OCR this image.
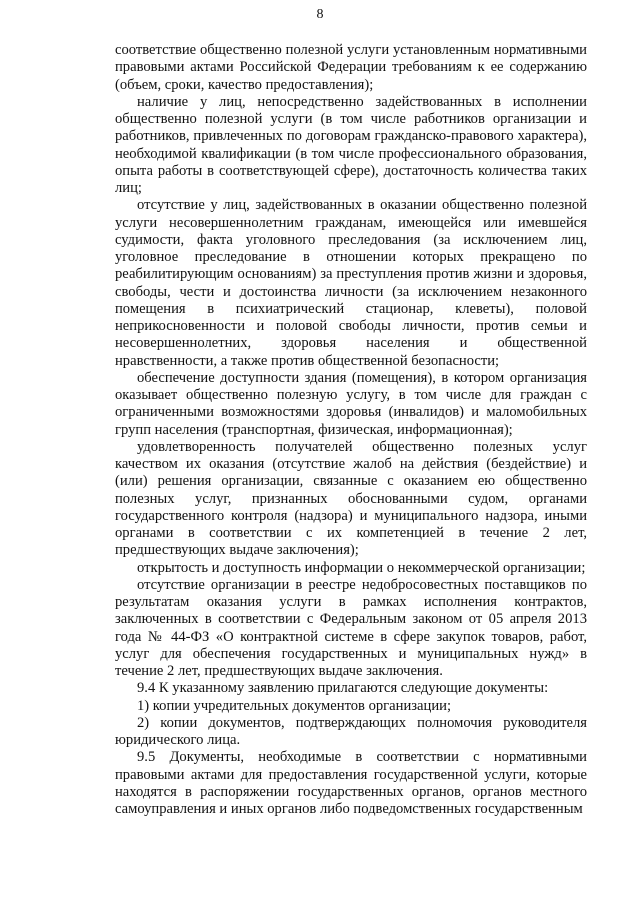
8

соответствие общественно полезной услуги установленным нормативными правовыми актами Российской Федерации требованиям к ее содержанию (объем, сроки, качество предоставления);

наличие у лиц, непосредственно задействованных в исполнении общественно полезной услуги (в том числе работников организации и работников, привлеченных по договорам гражданско-правового характера), необходимой квалификации (в том числе профессионального образования, опыта работы в соответствующей сфере), достаточность количества таких лиц;

отсутствие у лиц, задействованных в оказании общественно полезной услуги несовершеннолетним гражданам, имеющейся или имевшейся судимости, факта уголовного преследования (за исключением лиц, уголовное преследование в отношении которых прекращено по реабилитирующим основаниям) за преступления против жизни и здоровья, свободы, чести и достоинства личности (за исключением незаконного помещения в психиатрический стационар, клеветы), половой неприкосновенности и половой свободы личности, против семьи и несовершеннолетних, здоровья населения и общественной нравственности, а также против общественной безопасности;

обеспечение доступности здания (помещения), в котором организация оказывает общественно полезную услугу, в том числе для граждан с ограниченными возможностями здоровья (инвалидов) и маломобильных групп населения (транспортная, физическая, информационная);

удовлетворенность получателей общественно полезных услуг качеством их оказания (отсутствие жалоб на действия (бездействие) и (или) решения организации, связанные с оказанием ею общественно полезных услуг, признанных обоснованными судом, органами государственного контроля (надзора) и муниципального надзора, иными органами в соответствии с их компетенцией в течение 2 лет, предшествующих выдаче заключения);

открытость и доступность информации о некоммерческой организации;

отсутствие организации в реестре недобросовестных поставщиков по результатам оказания услуги в рамках исполнения контрактов, заключенных в соответствии с Федеральным законом от 05 апреля 2013 года № 44-ФЗ «О контрактной системе в сфере закупок товаров, работ, услуг для обеспечения государственных и муниципальных нужд» в течение 2 лет, предшествующих выдаче заключения.

9.4 К указанному заявлению прилагаются следующие документы:

1) копии учредительных документов организации;

2) копии документов, подтверждающих полномочия руководителя юридического лица.

9.5 Документы, необходимые в соответствии с нормативными правовыми актами для предоставления государственной услуги, которые находятся в распоряжении государственных органов, органов местного самоуправления и иных органов либо подведомственных государственным
